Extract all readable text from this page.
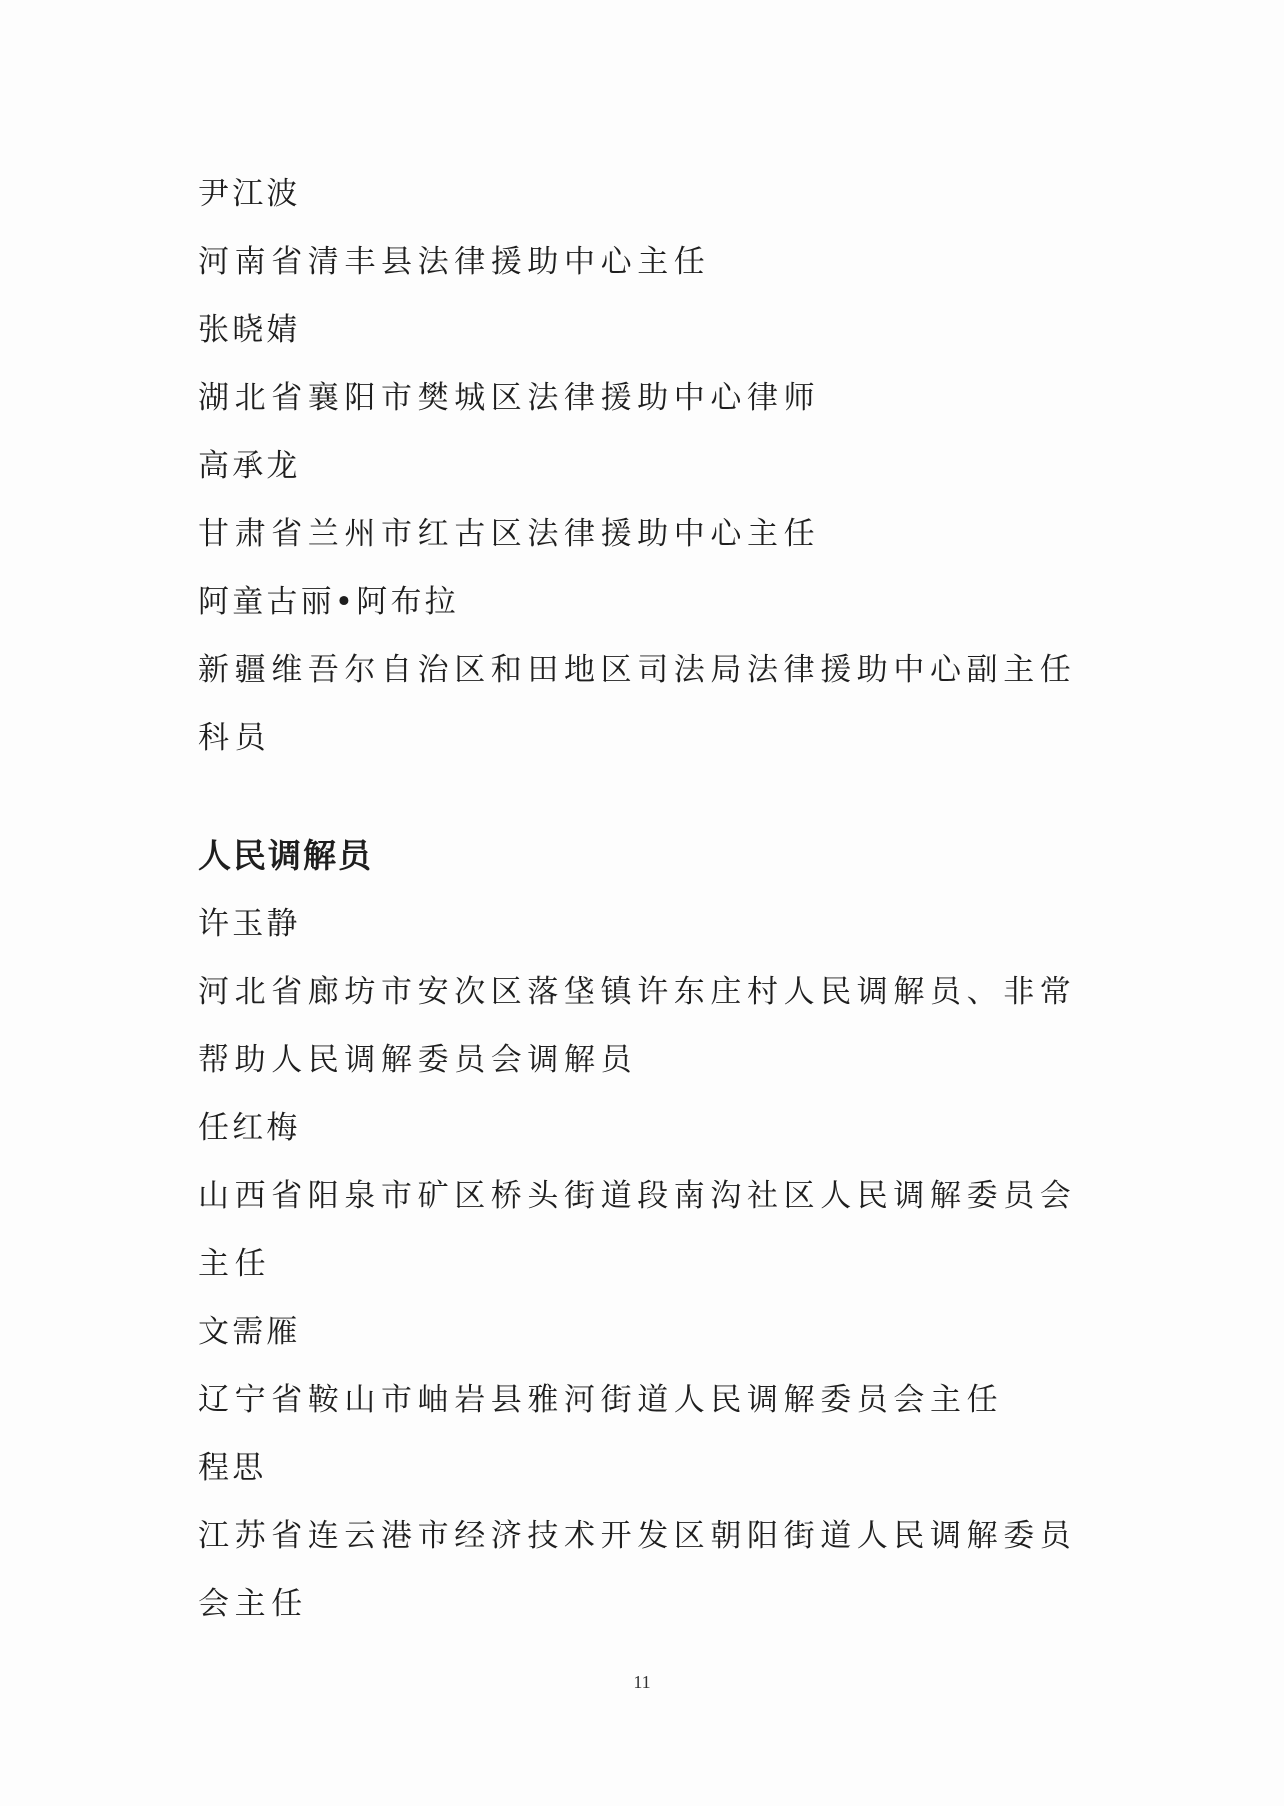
尹江波
河南省清丰县法律援助中心主任
张晓婧
湖北省襄阳市樊城区法律援助中心律师
高承龙
甘肃省兰州市红古区法律援助中心主任
阿童古丽•阿布拉
新疆维吾尔自治区和田地区司法局法律援助中心副主任科员
人民调解员
许玉静
河北省廊坊市安次区落垡镇许东庄村人民调解员、非常帮助人民调解委员会调解员
任红梅
山西省阳泉市矿区桥头街道段南沟社区人民调解委员会主任
文需雁
辽宁省鞍山市岫岩县雅河街道人民调解委员会主任
程思
江苏省连云港市经济技术开发区朝阳街道人民调解委员会主任
11
